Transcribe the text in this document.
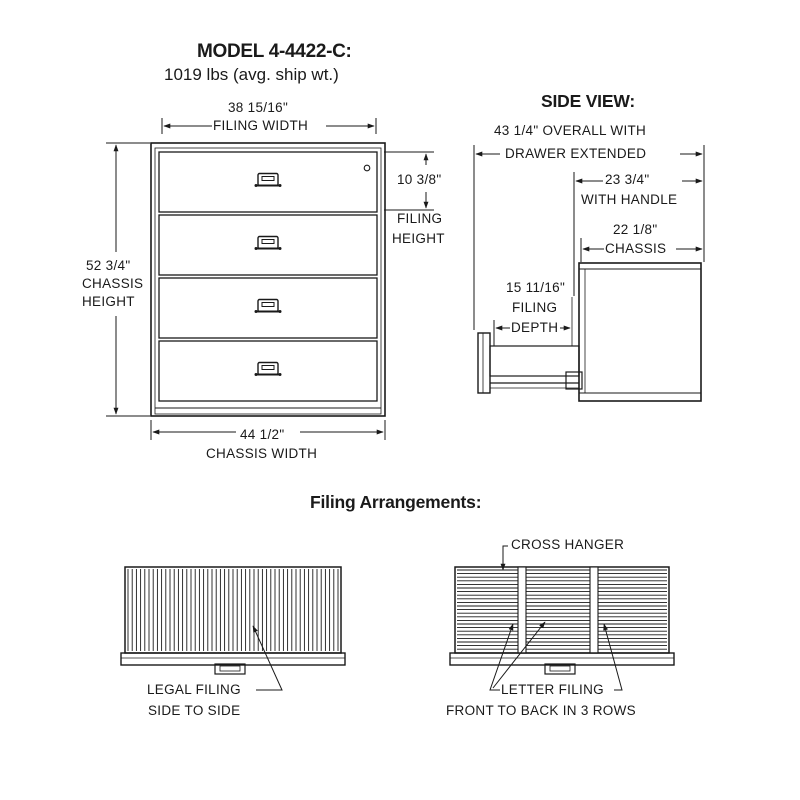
MODEL 4-4422-C:
1019 lbs (avg. ship wt.)
38 15/16"
FILING WIDTH
52 3/4"
CHASSIS
HEIGHT
10 3/8"
FILING
HEIGHT
44 1/2"
CHASSIS WIDTH
SIDE VIEW:
43 1/4" OVERALL WITH
DRAWER EXTENDED
23 3/4"
WITH HANDLE
22 1/8"
CHASSIS
15 11/16"
FILING
DEPTH
Filing Arrangements:
CROSS HANGER
LEGAL FILING
SIDE TO SIDE
LETTER FILING
FRONT TO BACK IN 3 ROWS
